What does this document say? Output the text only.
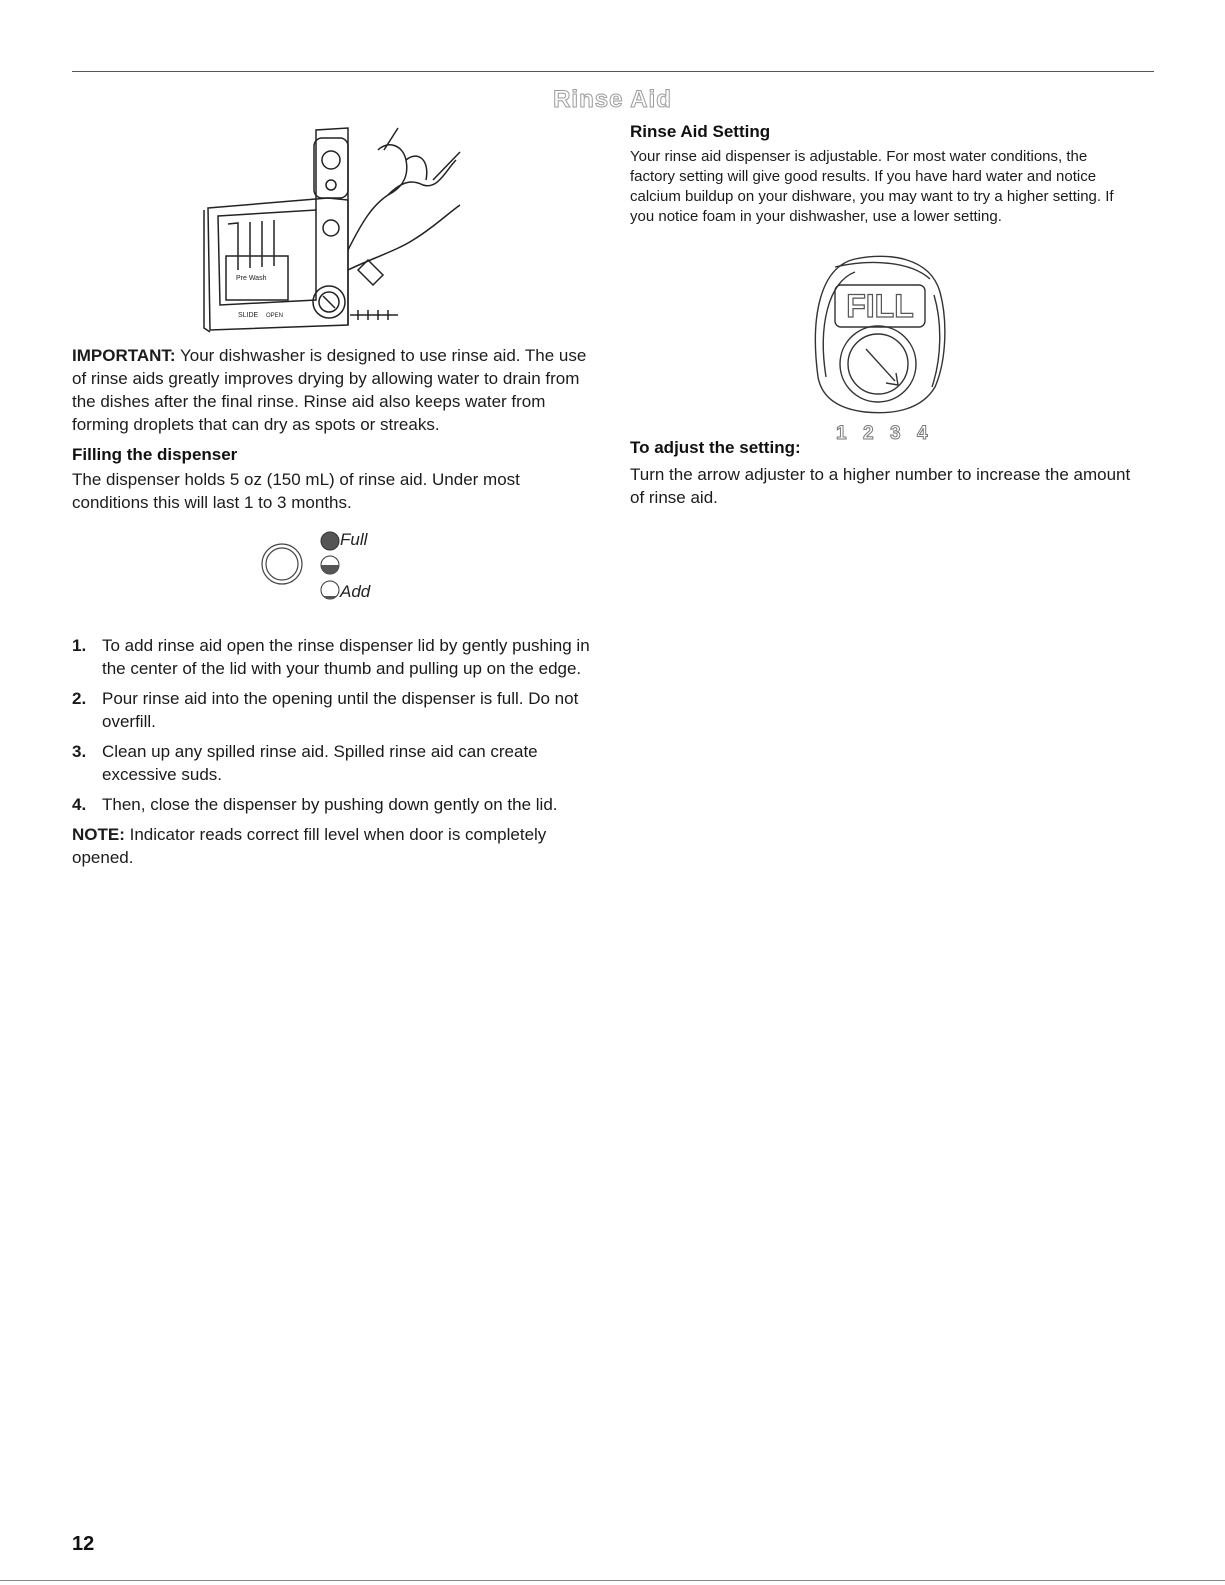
Rinse Aid
Pre Wash
SLIDE OPEN

IMPORTANT: Your dishwasher is designed to use rinse aid. The use of rinse aids greatly improves drying by allowing water to drain from the dishes after the final rinse. Rinse aid also keeps water from forming droplets that can dry as spots or streaks.

Filling the dispenser

The dispenser holds 5 oz (150 mL) of rinse aid. Under most conditions this will last 1 to 3 months.

Full
Add
1. To add rinse aid open the rinse dispenser lid by gently pushing in the center of the lid with your thumb and pulling up on the edge.
2. Pour rinse aid into the opening until the dispenser is full. Do not overfill.
3. Clean up any spilled rinse aid. Spilled rinse aid can create excessive suds.
4. Then, close the dispenser by pushing down gently on the lid.

NOTE: Indicator reads correct fill level when door is completely opened.

Rinse Aid Setting

Your rinse aid dispenser is adjustable. For most water conditions, the factory setting will give good results. If you have hard water and notice calcium buildup on your dishware, you may want to try a higher setting. If you notice foam in your dishwasher, use a lower setting.

FILL
1 2 3 4
To adjust the setting:

Turn the arrow adjuster to a higher number to increase the amount of rinse aid.

12
